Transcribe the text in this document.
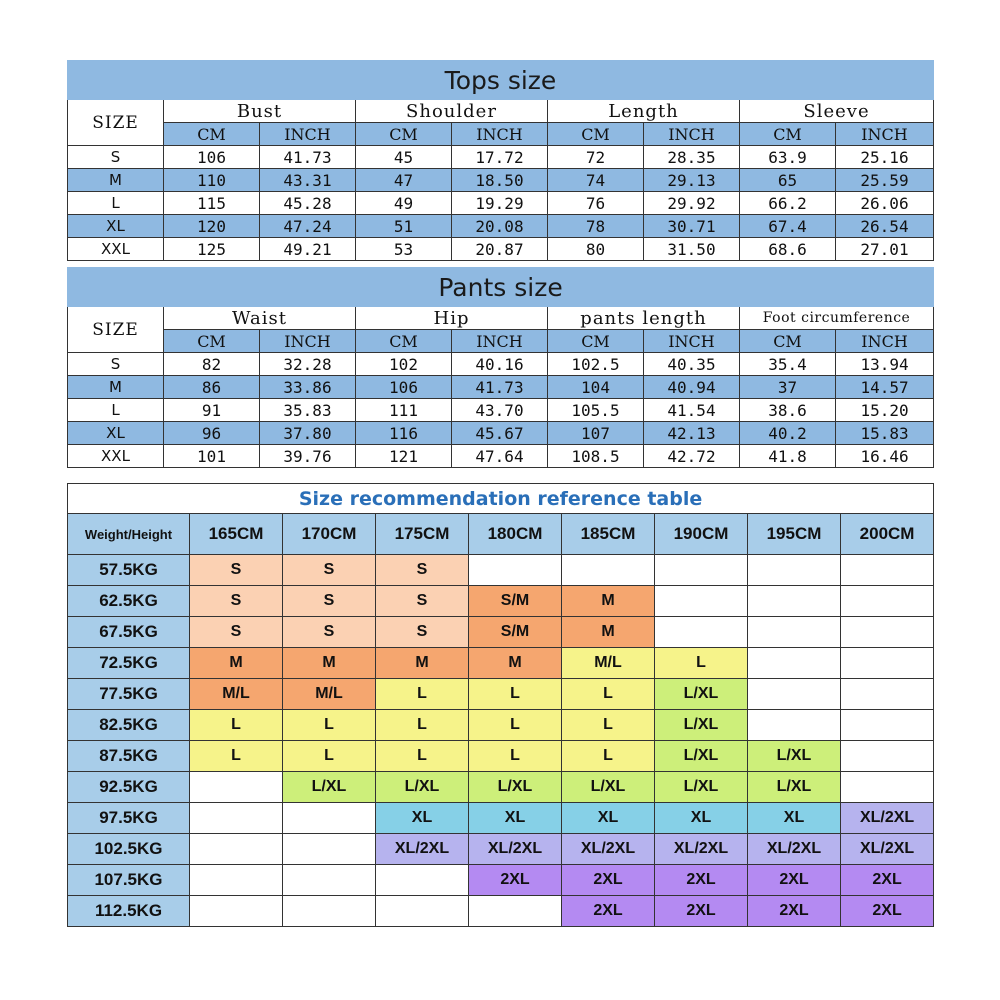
Tops size								
SIZE	Bust		Shoulder		Length		Sleeve	
	CM	INCH	CM	INCH	CM	INCH	CM	INCH
S	106	41.73	45	17.72	72	28.35	63.9	25.16
M	110	43.31	47	18.50	74	29.13	65	25.59
L	115	45.28	49	19.29	76	29.92	66.2	26.06
XL	120	47.24	51	20.08	78	30.71	67.4	26.54
XXL	125	49.21	53	20.87	80	31.50	68.6	27.01
Pants size								
SIZE	Waist		Hip		pants length		Foot circumference	
	CM	INCH	CM	INCH	CM	INCH	CM	INCH
S	82	32.28	102	40.16	102.5	40.35	35.4	13.94
M	86	33.86	106	41.73	104	40.94	37	14.57
L	91	35.83	111	43.70	105.5	41.54	38.6	15.20
XL	96	37.80	116	45.67	107	42.13	40.2	15.83
XXL	101	39.76	121	47.64	108.5	42.72	41.8	16.46
Size recommendation reference table								
Weight/Height	165CM	170CM	175CM	180CM	185CM	190CM	195CM	200CM
57.5KG	S	S	S					
62.5KG	S	S	S	S/M	M			
67.5KG	S	S	S	S/M	M			
72.5KG	M	M	M	M	M/L	L		
77.5KG	M/L	M/L	L	L	L	L/XL		
82.5KG	L	L	L	L	L	L/XL		
87.5KG	L	L	L	L	L	L/XL	L/XL	
92.5KG		L/XL	L/XL	L/XL	L/XL	L/XL	L/XL	
97.5KG			XL	XL	XL	XL	XL	XL/2XL
102.5KG			XL/2XL	XL/2XL	XL/2XL	XL/2XL	XL/2XL	XL/2XL
107.5KG				2XL	2XL	2XL	2XL	2XL
112.5KG					2XL	2XL	2XL	2XL
